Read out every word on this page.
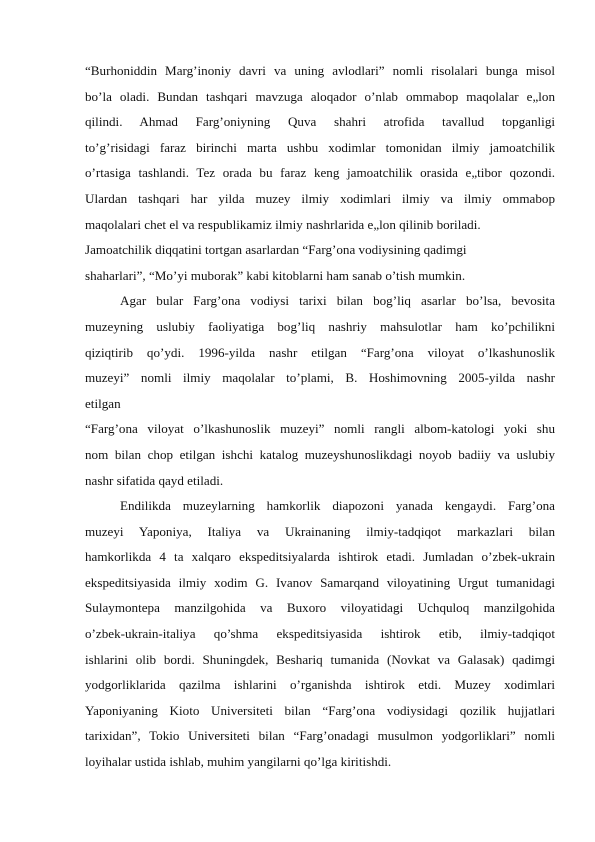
“Burhoniddin Marg’inoniy davri va uning avlodlari” nomli risolalari bunga misol
bo’la oladi. Bundan tashqari mavzuga aloqador o’nlab ommabop maqolalar e„lon
qilindi. Ahmad Farg’oniyning Quva shahri atrofida tavallud topganligi
to’g’risidagi faraz birinchi marta ushbu xodimlar tomonidan ilmiy jamoatchilik
o’rtasiga tashlandi. Tez orada bu faraz keng jamoatchilik orasida e„tibor qozondi.
Ulardan tashqari har yilda muzey ilmiy xodimlari ilmiy va ilmiy ommabop
maqolalari chet el va respublikamiz ilmiy nashrlarida e„lon qilinib boriladi.
Jamoatchilik diqqatini tortgan asarlardan “Farg’ona vodiysining qadimgi
shaharlari”, “Mo’yi muborak” kabi kitoblarni ham sanab o’tish mumkin.
Agar bular Farg’ona vodiysi tarixi bilan bog’liq asarlar bo’lsa, bevosita
muzeyning uslubiy faoliyatiga bog’liq nashriy mahsulotlar ham ko’pchilikni
qiziqtirib qo’ydi. 1996-yilda nashr etilgan “Farg’ona viloyat o’lkashunoslik
muzeyi” nomli ilmiy maqolalar to’plami, B. Hoshimovning 2005-yilda nashr
etilgan
“Farg’ona viloyat o’lkashunoslik muzeyi” nomli rangli albom-katologi yoki shu
nom bilan chop etilgan ishchi katalog muzeyshunoslikdagi noyob badiiy va uslubiy
nashr sifatida qayd etiladi.
Endilikda muzeylarning hamkorlik diapozoni yanada kengaydi. Farg’ona
muzeyi Yaponiya, Italiya va Ukrainaning ilmiy-tadqiqot markazlari bilan
hamkorlikda 4 ta xalqaro ekspeditsiyalarda ishtirok etadi. Jumladan o’zbek-ukrain
ekspeditsiyasida ilmiy xodim G. Ivanov Samarqand viloyatining Urgut tumanidagi
Sulaymontepa manzilgohida va Buxoro viloyatidagi Uchquloq manzilgohida
o’zbek-ukrain-italiya qo’shma ekspeditsiyasida ishtirok etib, ilmiy-tadqiqot
ishlarini olib bordi. Shuningdek, Beshariq tumanida (Novkat va Galasak) qadimgi
yodgorliklarida qazilma ishlarini o’rganishda ishtirok etdi. Muzey xodimlari
Yaponiyaning Kioto Universiteti bilan “Farg’ona vodiysidagi qozilik hujjatlari
tarixidan”, Tokio Universiteti bilan “Farg’onadagi musulmon yodgorliklari” nomli
loyihalar ustida ishlab, muhim yangilarni qo’lga kiritishdi.
